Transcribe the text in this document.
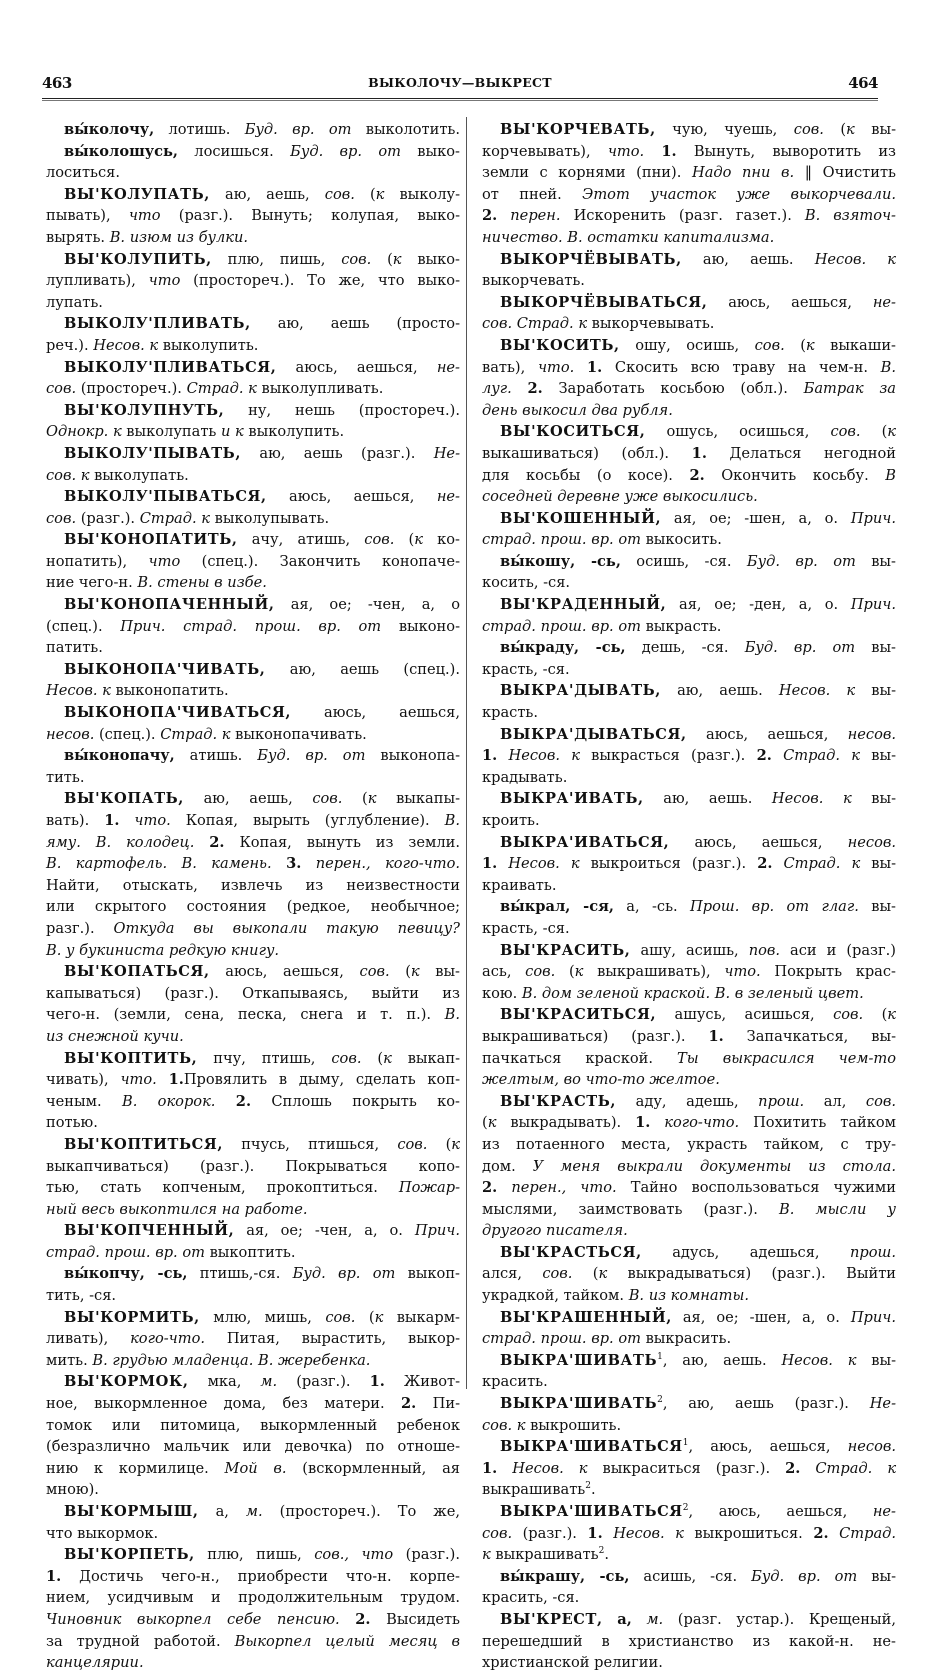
463	ВЫКОЛОЧУ—ВЫКРЕСТ	464
вы́колочу, лотишь. Буд. вр. от выколотить.
вы́колошусь, лосишься. Буд. вр. от выко-
лоситься.
ВЫ'КОЛУПАТЬ, аю, аешь, сов. (к выколу-
пывать), что (разг.). Вынуть; колупая, выко-
вырять. В. изюм из булки.
ВЫ'КОЛУПИТЬ, плю, пишь, сов. (к выко-
лупливать), что (простореч.). То же, что выко-
лупать.
ВЫКОЛУ'ПЛИВАТЬ, аю, аешь (просто-
реч.). Несов. к выколупить.
ВЫКОЛУ'ПЛИВАТЬСЯ, аюсь, аешься, не-
сов. (простореч.). Страд. к выколупливать.
ВЫ'КОЛУПНУТЬ, ну, нешь (простореч.).
Однокр. к выколупать и к выколупить.
ВЫКОЛУ'ПЫВАТЬ, аю, аешь (разг.). Не-
сов. к выколупать.
ВЫКОЛУ'ПЫВАТЬСЯ, аюсь, аешься, не-
сов. (разг.). Страд. к выколупывать.
ВЫ'КОНОПАТИТЬ, ачу, атишь, сов. (к ко-
нопатить), что (спец.). Закончить конопаче-
ние чего-н. В. стены в избе.
ВЫ'КОНОПАЧЕННЫЙ, ая, ое; -чен, а, о
(спец.). Прич. страд. прош. вр. от выконо-
патить.
ВЫКОНОПА'ЧИВАТЬ, аю, аешь (спец.).
Несов. к выконопатить.
ВЫКОНОПА'ЧИВАТЬСЯ, аюсь, аешься,
несов. (спец.). Страд. к выконопачивать.
вы́конопачу, атишь. Буд. вр. от выконопа-
тить.
ВЫ'КОПАТЬ, аю, аешь, сов. (к выкапы-
вать). 1. что. Копая, вырыть (углубление). В.
яму. В. колодец. 2. Копая, вынуть из земли.
В. картофель. В. камень. 3. перен., кого-что.
Найти, отыскать, извлечь из неизвестности
или скрытого состояния (редкое, необычное;
разг.). Откуда вы выкопали такую певицу?
В. у букиниста редкую книгу.
ВЫ'КОПАТЬСЯ, аюсь, аешься, сов. (к вы-
капываться) (разг.). Откапываясь, выйти из
чего-н. (земли, сена, песка, снега и т. п.). В.
из снежной кучи.
ВЫ'КОПТИТЬ, пчу, птишь, сов. (к выкап-
чивать), что. 1.Провялить в дыму, сделать коп-
ченым. В. окорок. 2. Сплошь покрыть ко-
потью.
ВЫ'КОПТИТЬСЯ, пчусь, птишься, сов. (к
выкапчиваться) (разг.). Покрываться копо-
тью, стать копченым, прокоптиться. Пожар-
ный весь выкоптился на работе.
ВЫ'КОПЧЕННЫЙ, ая, ое; -чен, а, о. Прич.
страд. прош. вр. от выкоптить.
вы́копчу, -сь, птишь,-ся. Буд. вр. от выкоп-
тить, -ся.
ВЫ'КОРМИТЬ, млю, мишь, сов. (к выкарм-
ливать), кого-что. Питая, вырастить, выкор-
мить. В. грудью младенца. В. жеребенка.
ВЫ'КОРМОК, мка, м. (разг.). 1. Живот-
ное, выкормленное дома, без матери. 2. Пи-
томок или питомица, выкормленный ребенок
(безразлично мальчик или девочка) по отноше-
нию к кормилице. Мой в. (вскормленный, ая
мною).
ВЫ'КОРМЫШ, а, м. (простореч.). То же,
что выкормок.
ВЫ'КОРПЕТЬ, плю, пишь, сов., что (разг.).
1. Достичь чего-н., приобрести что-н. корпе-
нием, усидчивым и продолжительным трудом.
Чиновник выкорпел себе пенсию. 2. Высидеть
за трудной работой. Выкорпел целый месяц в
канцелярии.
ВЫ'КОРЧЕВАТЬ, чую, чуешь, сов. (к вы-
корчевывать), что. 1. Вынуть, выворотить из
земли с корнями (пни). Надо пни в. ‖ Очистить
от пней. Этот участок уже выкорчевали.
2. перен. Искоренить (разг. газет.). В. взяточ-
ничество. В. остатки капитализма.
ВЫКОРЧЁВЫВАТЬ, аю, аешь. Несов. к
выкорчевать.
ВЫКОРЧЁВЫВАТЬСЯ, аюсь, аешься, не-
сов. Страд. к выкорчевывать.
ВЫ'КОСИТЬ, ошу, осишь, сов. (к выкаши-
вать), что. 1. Скосить всю траву на чем-н. В.
луг. 2. Заработать косьбою (обл.). Батрак за
день выкосил два рубля.
ВЫ'КОСИТЬСЯ, ошусь, осишься, сов. (к
выкашиваться) (обл.). 1. Делаться негодной
для косьбы (о косе). 2. Окончить косьбу. В
соседней деревне уже выкосились.
ВЫ'КОШЕННЫЙ, ая, ое; -шен, а, о. Прич.
страд. прош. вр. от выкосить.
вы́кошу, -сь, осишь, -ся. Буд. вр. от вы-
косить, -ся.
ВЫ'КРАДЕННЫЙ, ая, ое; -ден, а, о. Прич.
страд. прош. вр. от выкрасть.
вы́краду, -сь, дешь, -ся. Буд. вр. от вы-
красть, -ся.
ВЫКРА'ДЫВАТЬ, аю, аешь. Несов. к вы-
красть.
ВЫКРА'ДЫВАТЬСЯ, аюсь, аешься, несов.
1. Несов. к выкрасться (разг.). 2. Страд. к вы-
крадывать.
ВЫКРА'ИВАТЬ, аю, аешь. Несов. к вы-
кроить.
ВЫКРА'ИВАТЬСЯ, аюсь, аешься, несов.
1. Несов. к выкроиться (разг.). 2. Страд. к вы-
краивать.
вы́крал, -ся, а, -сь. Прош. вр. от глаг. вы-
красть, -ся.
ВЫ'КРАСИТЬ, ашу, асишь, пов. аси и (разг.)
ась, сов. (к выкрашивать), что. Покрыть крас-
кою. В. дом зеленой краской. В. в зеленый цвет.
ВЫ'КРАСИТЬСЯ, ашусь, асишься, сов. (к
выкрашиваться) (разг.). 1. Запачкаться, вы-
пачкаться краской. Ты выкрасился чем-то
желтым, во что-то желтое.
ВЫ'КРАСТЬ, аду, адешь, прош. ал, сов.
(к выкрадывать). 1. кого-что. Похитить тайком
из потаенного места, украсть тайком, с тру-
дом. У меня выкрали документы из стола.
2. перен., что. Тайно воспользоваться чужими
мыслями, заимствовать (разг.). В. мысли у
другого писателя.
ВЫ'КРАСТЬСЯ, адусь, адешься, прош.
ался, сов. (к выкрадываться) (разг.). Выйти
украдкой, тайком. В. из комнаты.
ВЫ'КРАШЕННЫЙ, ая, ое; -шен, а, о. Прич.
страд. прош. вр. от выкрасить.
ВЫКРА'ШИВАТЬ$^1$, аю, аешь. Несов. к вы-
красить.
ВЫКРА'ШИВАТЬ$^2$, аю, аешь (разг.). Не-
сов. к выкрошить.
ВЫКРА'ШИВАТЬСЯ$^1$, аюсь, аешься, несов.
1. Несов. к выкраситься (разг.). 2. Страд. к
выкрашивать$^2$.
ВЫКРА'ШИВАТЬСЯ$^2$, аюсь, аешься, не-
сов. (разг.). 1. Несов. к выкрошиться. 2. Страд.
к выкрашивать$^2$.
вы́крашу, -сь, асишь, -ся. Буд. вр. от вы-
красить, -ся.
ВЫ'КРЕСТ, а, м. (разг. устар.). Крещеный,
перешедший в христианство из какой-н. не-
христианской религии.
